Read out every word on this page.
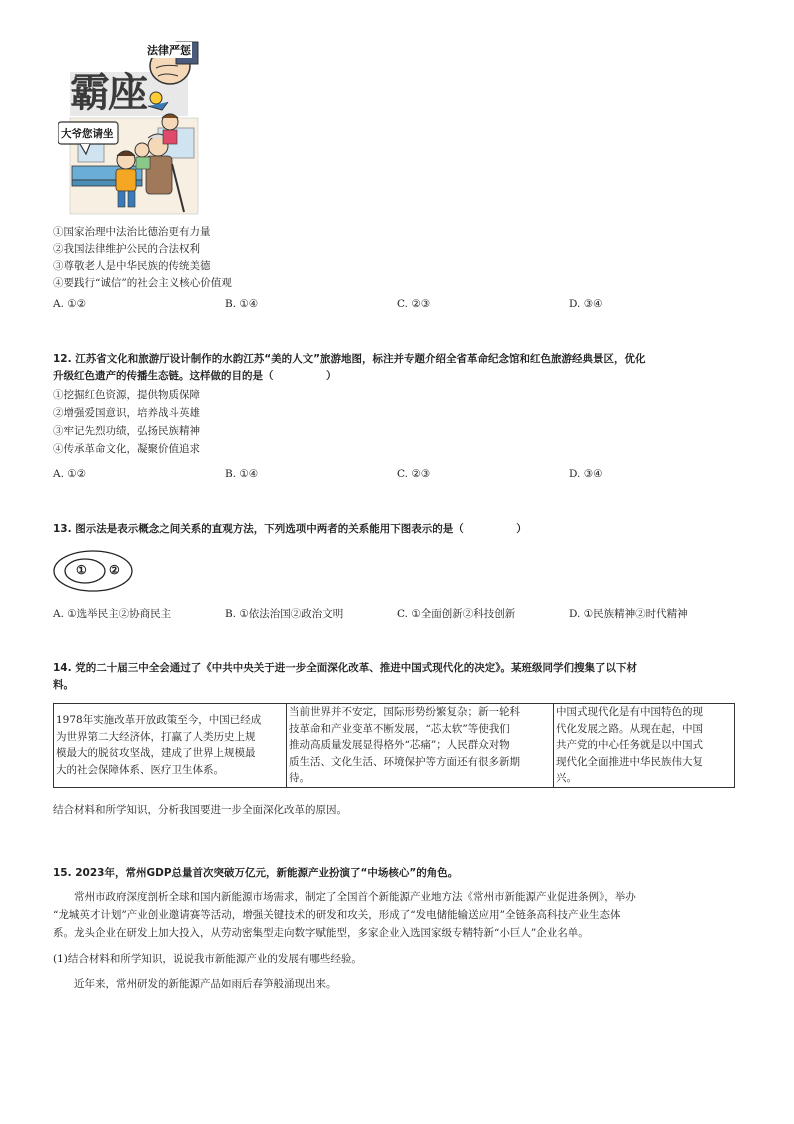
法律严惩
霸座
大爷您请坐
①国家治理中法治比德治更有力量
②我国法律维护公民的合法权利
③尊敬老人是中华民族的传统美德
④要践行“诚信”的社会主义核心价值观
A. ①②	B. ①④	C. ②③	D. ③④
12. 江苏省文化和旅游厅设计制作的水韵江苏“美的人文”旅游地图，标注并专题介绍全省革命纪念馆和红色旅游经典景区，优化
升级红色遗产的传播生态链。这样做的目的是（　　　　　）
①挖掘红色资源，提供物质保障
②增强爱国意识，培养战斗英雄
③牢记先烈功绩，弘扬民族精神
④传承革命文化，凝聚价值追求
A. ①②	B. ①④	C. ②③	D. ③④
13. 图示法是表示概念之间关系的直观方法，下列选项中两者的关系能用下图表示的是（　　　　　）
① ②
A. ①选举民主②协商民主	B. ①依法治国②政治文明	C. ①全面创新②科技创新	D. ①民族精神②时代精神
14. 党的二十届三中全会通过了《中共中央关于进一步全面深化改革、推进中国式现代化的决定》。某班级同学们搜集了以下材
料。
1978年实施改革开放政策至今，中国已经成
为世界第二大经济体，打赢了人类历史上规
模最大的脱贫攻坚战，建成了世界上规模最
大的社会保障体系、医疗卫生体系。

当前世界并不安定，国际形势纷繁复杂；新一轮科
技革命和产业变革不断发展，“芯太软”等使我们
推动高质量发展显得格外“芯痛”；人民群众对物
质生活、文化生活、环境保护等方面还有很多新期
待。

中国式现代化是有中国特色的现
代化发展之路。从现在起，中国
共产党的中心任务就是以中国式
现代化全面推进中华民族伟大复
兴。
结合材料和所学知识，分析我国要进一步全面深化改革的原因。
15. 2023年，常州GDP总量首次突破万亿元，新能源产业扮演了“中场核心”的角色。
常州市政府深度剖析全球和国内新能源市场需求，制定了全国首个新能源产业地方法《常州市新能源产业促进条例》，举办
“龙城英才计划”产业创业邀请赛等活动，增强关键技术的研发和攻关，形成了“发电储能输送应用”全链条高科技产业生态体
系。龙头企业在研发上加大投入，从劳动密集型走向数字赋能型，多家企业入选国家级专精特新“小巨人”企业名单。
(1)结合材料和所学知识，说说我市新能源产业的发展有哪些经验。
近年来，常州研发的新能源产品如雨后春笋般涌现出来。
